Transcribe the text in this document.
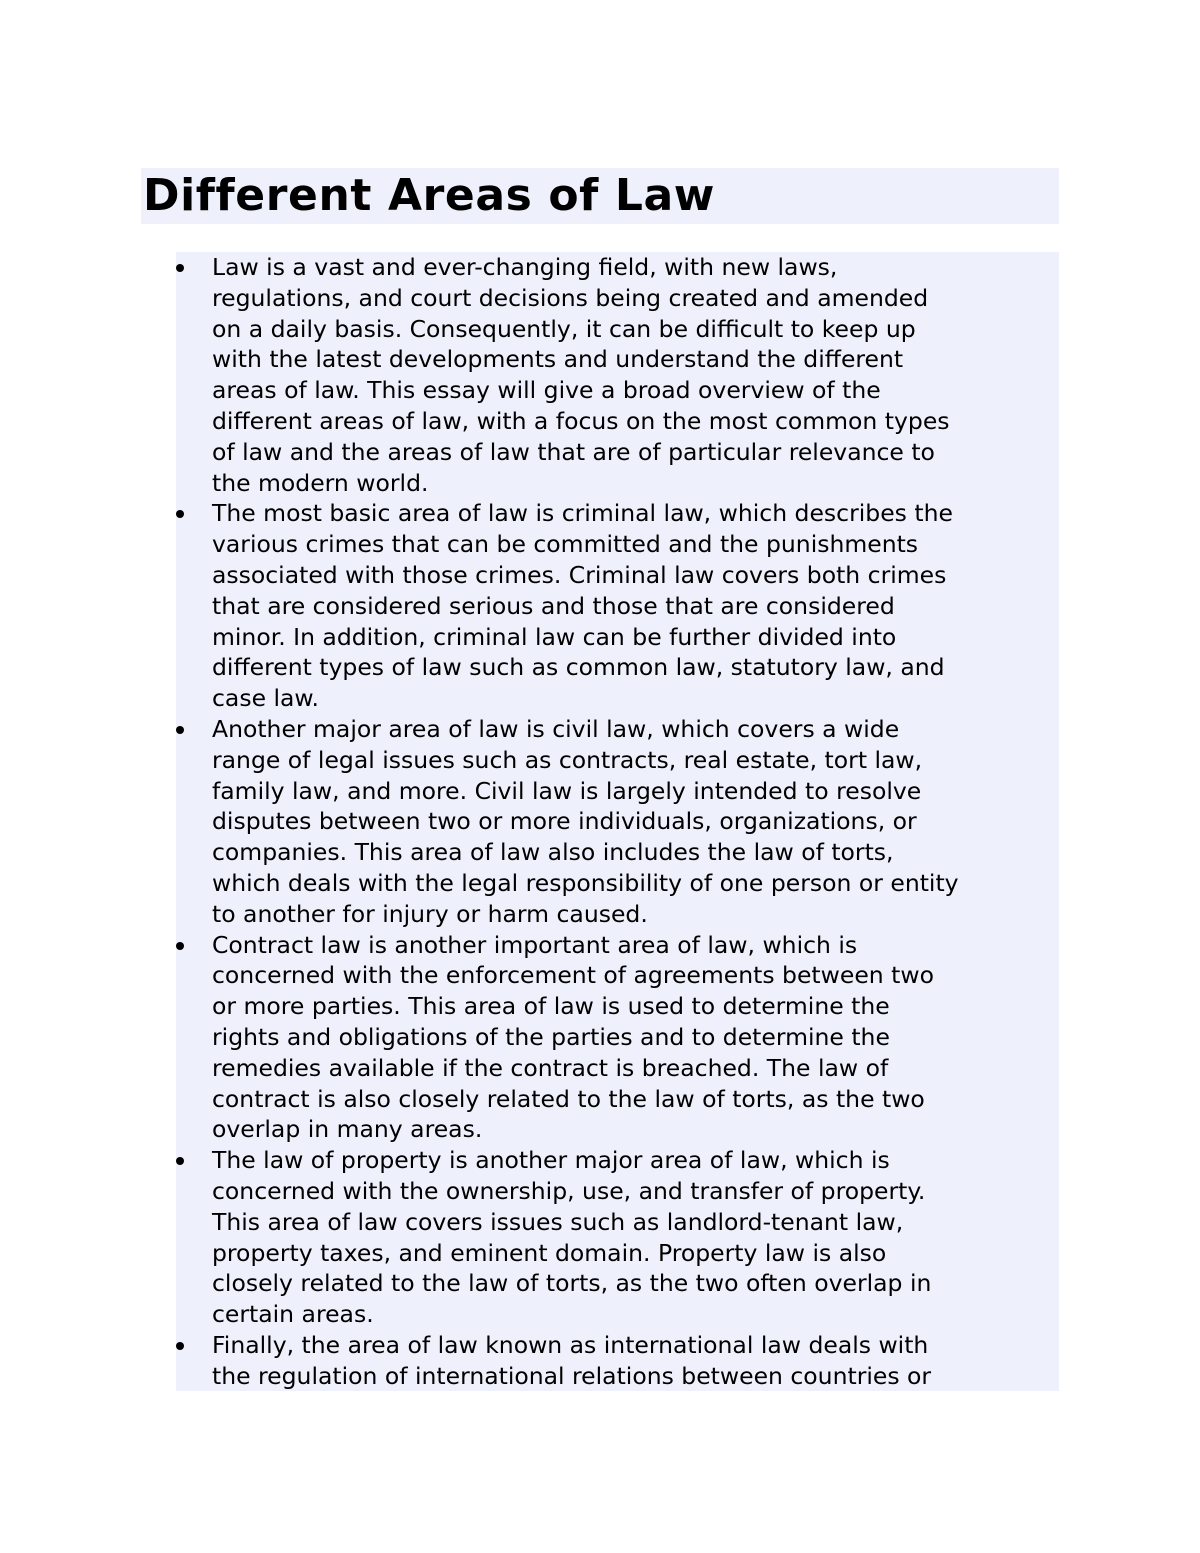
Different Areas of Law
Law is a vast and ever-changing field, with new laws,
regulations, and court decisions being created and amended
on a daily basis. Consequently, it can be difficult to keep up
with the latest developments and understand the different
areas of law. This essay will give a broad overview of the
different areas of law, with a focus on the most common types
of law and the areas of law that are of particular relevance to
the modern world.
The most basic area of law is criminal law, which describes the
various crimes that can be committed and the punishments
associated with those crimes. Criminal law covers both crimes
that are considered serious and those that are considered
minor. In addition, criminal law can be further divided into
different types of law such as common law, statutory law, and
case law.
Another major area of law is civil law, which covers a wide
range of legal issues such as contracts, real estate, tort law,
family law, and more. Civil law is largely intended to resolve
disputes between two or more individuals, organizations, or
companies. This area of law also includes the law of torts,
which deals with the legal responsibility of one person or entity
to another for injury or harm caused.
Contract law is another important area of law, which is
concerned with the enforcement of agreements between two
or more parties. This area of law is used to determine the
rights and obligations of the parties and to determine the
remedies available if the contract is breached. The law of
contract is also closely related to the law of torts, as the two
overlap in many areas.
The law of property is another major area of law, which is
concerned with the ownership, use, and transfer of property.
This area of law covers issues such as landlord-tenant law,
property taxes, and eminent domain. Property law is also
closely related to the law of torts, as the two often overlap in
certain areas.
Finally, the area of law known as international law deals with
the regulation of international relations between countries or
